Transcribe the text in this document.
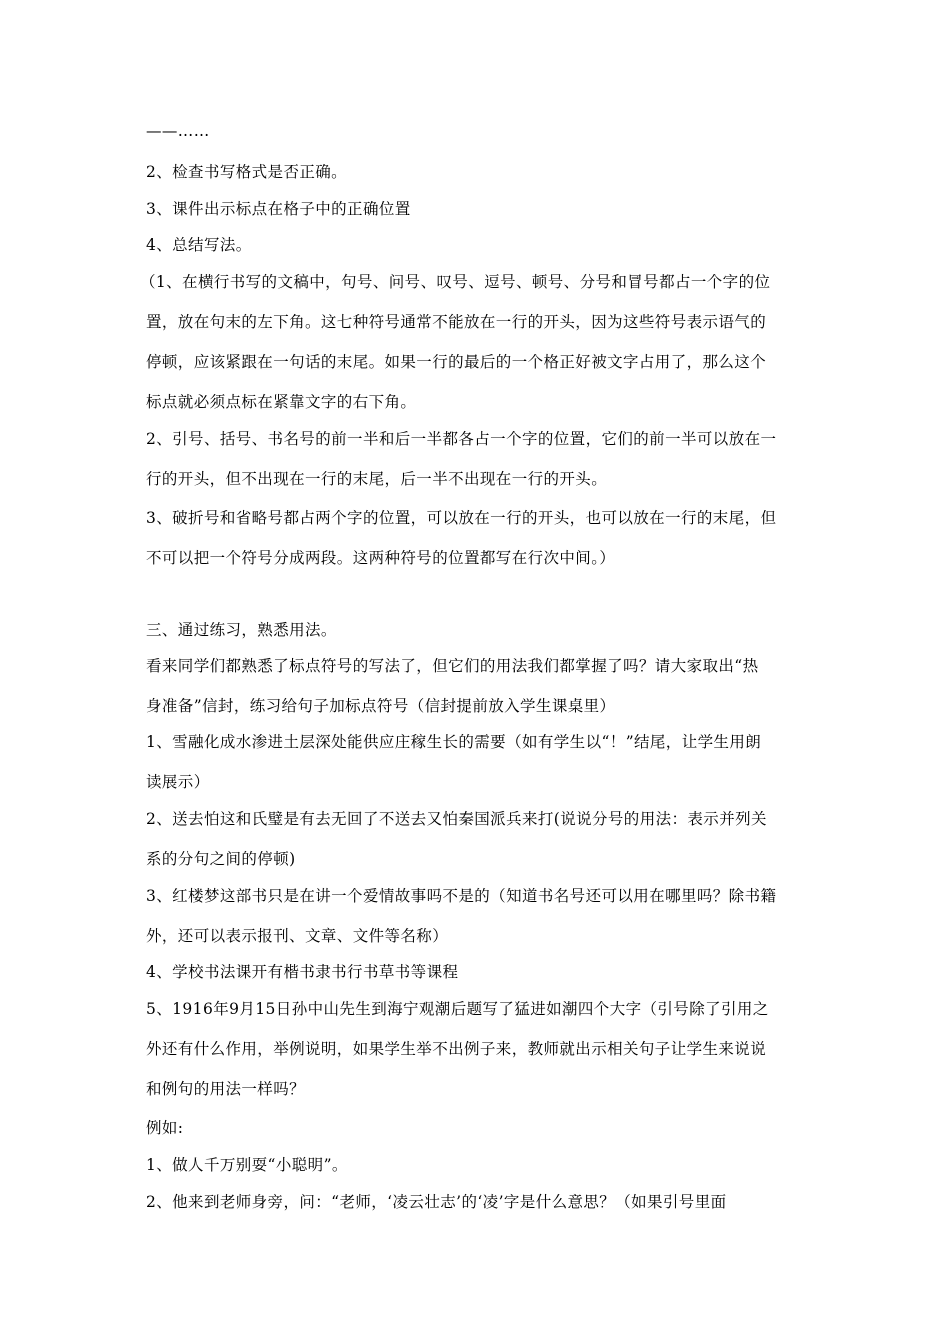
——……
2、检查书写格式是否正确。
3、课件出示标点在格子中的正确位置
4、总结写法。
（1、在横行书写的文稿中，句号、问号、叹号、逗号、顿号、分号和冒号都占一个字的位
置，放在句末的左下角。这七种符号通常不能放在一行的开头，因为这些符号表示语气的
停顿，应该紧跟在一句话的末尾。如果一行的最后的一个格正好被文字占用了，那么这个
标点就必须点标在紧靠文字的右下角。
2、引号、括号、书名号的前一半和后一半都各占一个字的位置，它们的前一半可以放在一
行的开头，但不出现在一行的末尾，后一半不出现在一行的开头。
3、破折号和省略号都占两个字的位置，可以放在一行的开头，也可以放在一行的末尾，但
不可以把一个符号分成两段。这两种符号的位置都写在行次中间。）
三、通过练习，熟悉用法。
看来同学们都熟悉了标点符号的写法了，但它们的用法我们都掌握了吗？请大家取出“热
身准备”信封，练习给句子加标点符号（信封提前放入学生课桌里）
1、雪融化成水渗进土层深处能供应庄稼生长的需要（如有学生以“！”结尾，让学生用朗
读展示）
2、送去怕这和氏璧是有去无回了不送去又怕秦国派兵来打(说说分号的用法：表示并列关
系的分句之间的停顿)
3、红楼梦这部书只是在讲一个爱情故事吗不是的（知道书名号还可以用在哪里吗？除书籍
外，还可以表示报刊、文章、文件等名称）
4、学校书法课开有楷书隶书行书草书等课程
5、1916年9月15日孙中山先生到海宁观潮后题写了猛进如潮四个大字（引号除了引用之
外还有什么作用，举例说明，如果学生举不出例子来，教师就出示相关句子让学生来说说
和例句的用法一样吗？
例如:
1、做人千万别耍“小聪明”。
2、他来到老师身旁，问：“老师，‘凌云壮志’的‘凌’字是什么意思？（如果引号里面
